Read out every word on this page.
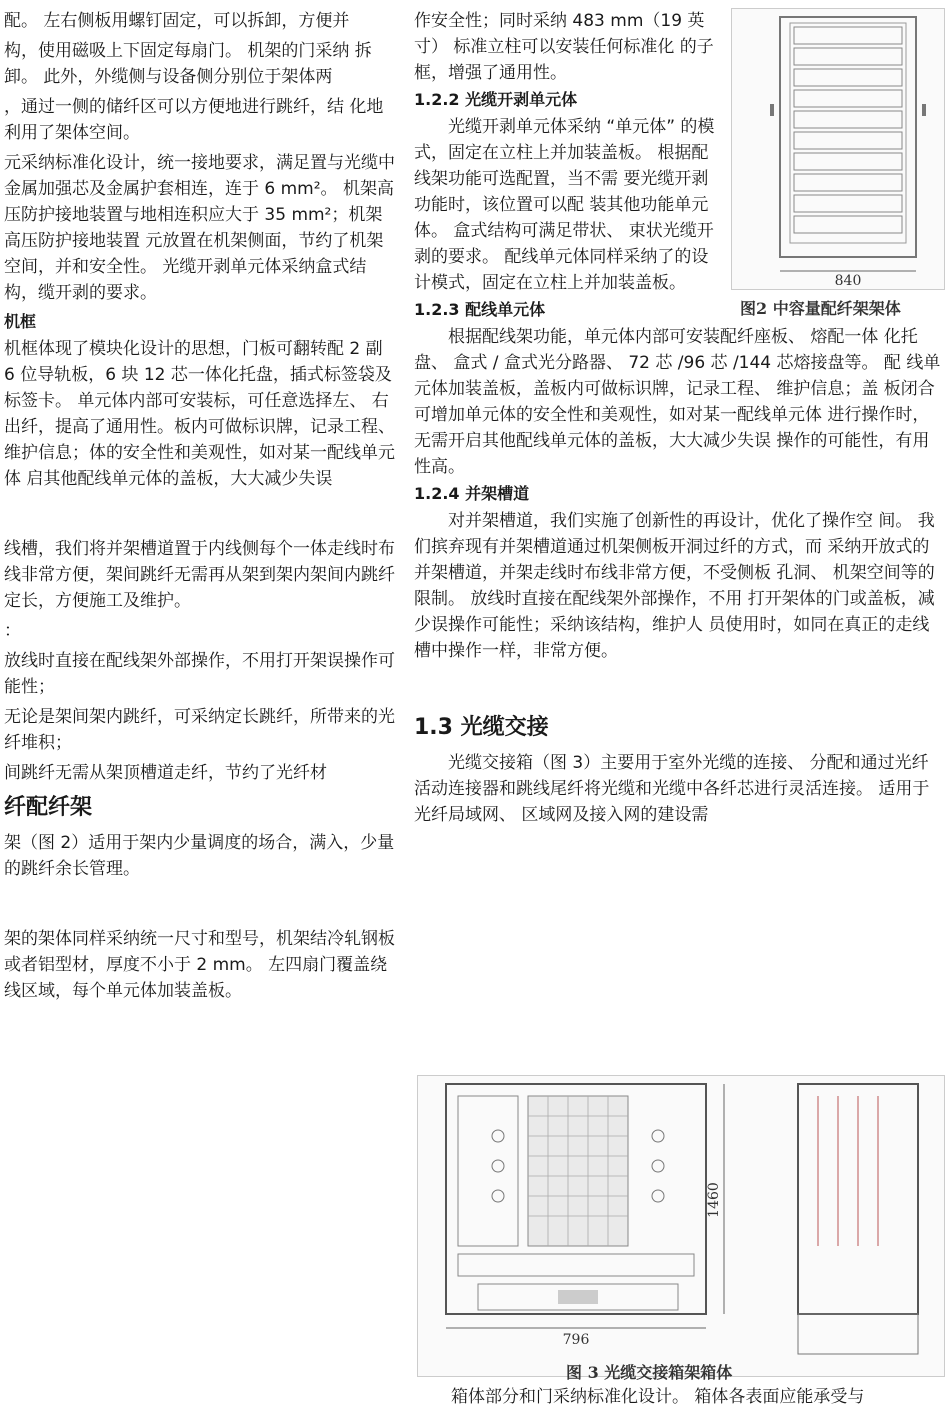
配。 左右侧板用螺钉固定，可以拆卸，方便并

构，使用磁吸上下固定每扇门。 机架的门采纳 拆卸。 此外，外缆侧与设备侧分别位于架体两

，通过一侧的储纤区可以方便地进行跳纤，结 化地利用了架体空间。

元采纳标准化设计，统一接地要求，满足置与光缆中金属加强芯及金属护套相连，连于 6 mm²。 机架高压防护接地装置与地相连积应大于 35 mm²；机架高压防护接地装置 元放置在机架侧面，节约了机架空间，并和安全性。 光缆开剥单元体采纳盒式结构，缆开剥的要求。

机框

机框体现了模块化设计的思想，门板可翻转配 2 副 6 位导轨板，6 块 12 芯一体化托盘，插式标签袋及标签卡。 单元体内部可安装标，可任意选择左、 右出纤，提高了通用性。板内可做标识牌，记录工程、 维护信息；体的安全性和美观性，如对某一配线单元体 启其他配线单元体的盖板，大大减少失误

线槽，我们将并架槽道置于内线侧每个一体走线时布线非常方便，架间跳纤无需再从架到架内架间内跳纤定长，方便施工及维护。

：

放线时直接在配线架外部操作，不用打开架误操作可能性；

无论是架间架内跳纤，可采纳定长跳纤，所带来的光纤堆积；

间跳纤无需从架顶槽道走纤，节约了光纤材

纤配纤架

架（图 2）适用于架内少量调度的场合，满入，少量的跳纤余长管理。

架的架体同样采纳统一尺寸和型号，机架结冷轧钢板或者铝型材，厚度不小于 2 mm。 左四扇门覆盖绕线区域，每个单元体加装盖板。

作安全性；同时采纳 483 mm（19 英寸） 标准立柱可以安装任何标准化 的子框，增强了通用性。

1.2.2 光缆开剥单元体

光缆开剥单元体采纳 “单元体” 的模式，固定在立柱上并加装盖板。 根据配线架功能可选配置，当不需 要光缆开剥功能时，该位置可以配 装其他功能单元体。 盒式结构可满足带状、 束状光缆开剥的要求。 配线单元体同样采纳了的设计模式，固定在立柱上并加装盖板。

1.2.3 配线单元体

根据配线架功能，单元体内部可安装配纤座板、 熔配一体 化托盘、 盒式 / 盒式光分路器、 72 芯 /96 芯 /144 芯熔接盘等。 配 线单元体加装盖板，盖板内可做标识牌，记录工程、 维护信息；盖 板闭合可增加单元体的安全性和美观性，如对某一配线单元体 进行操作时，无需开启其他配线单元体的盖板，大大减少失误 操作的可能性，有用性高。

1.2.4 并架槽道

对并架槽道，我们实施了创新性的再设计，优化了操作空 间。 我们摈弃现有并架槽道通过机架侧板开洞过纤的方式，而 采纳开放式的并架槽道，并架走线时布线非常方便，不受侧板 孔洞、 机架空间等的限制。 放线时直接在配线架外部操作，不用 打开架体的门或盖板，减少误操作可能性；采纳该结构，维护人 员使用时，如同在真正的走线槽中操作一样，非常方便。

1.3 光缆交接

光缆交接箱（图 3）主要用于室外光缆的连接、 分配和通过光纤活动连接器和跳线尾纤将光缆和光缆中各纤芯进行灵活连接。 适用于光纤局域网、 区域网及接入网的建设需

840
图2 中容量配纤架架体
796
1460
图 3 光缆交接箱架箱体

箱体部分和门采纳标准化设计。 箱体各表面应能承受与
